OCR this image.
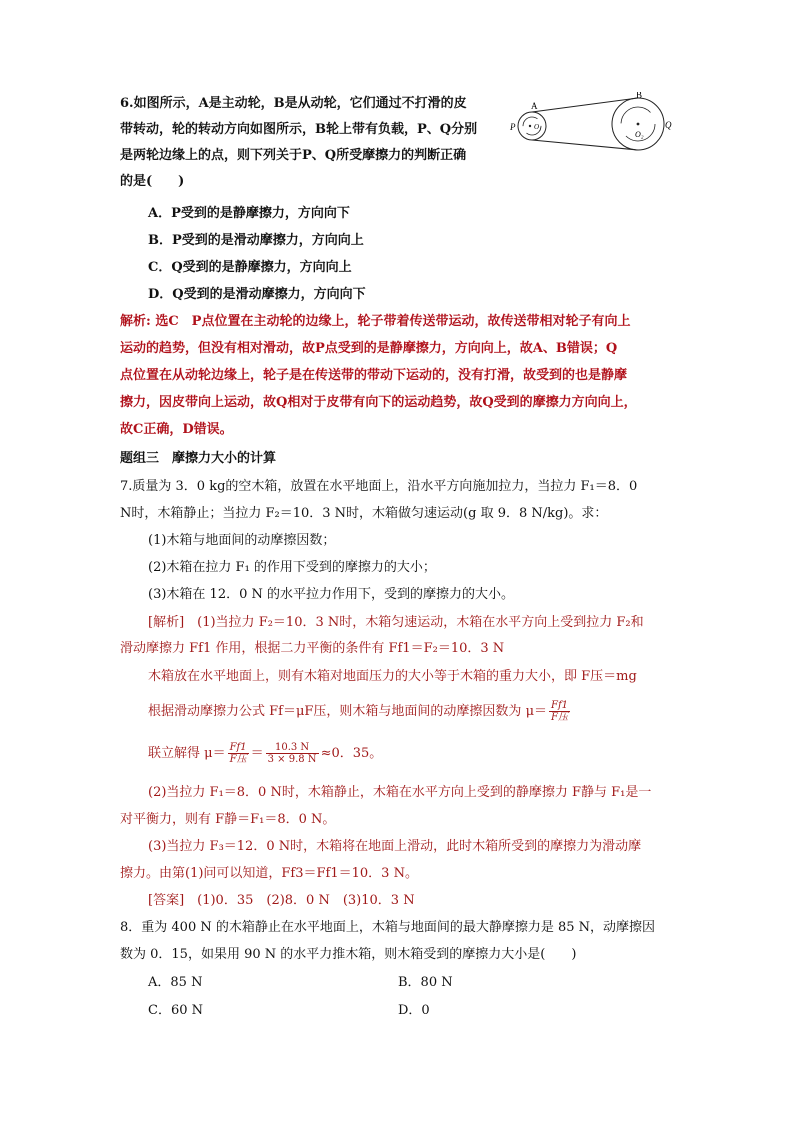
6.如图所示，A是主动轮，B是从动轮，它们通过不打滑的皮
带转动，轮的转动方向如图所示，B轮上带有负载，P、Q分别
是两轮边缘上的点，则下列关于P、Q所受摩擦力的判断正确
的是(　　)
A
B
P	Q
O₁
O₂
A．P受到的是静摩擦力，方向向下
B．P受到的是滑动摩擦力，方向向上
C．Q受到的是静摩擦力，方向向上
D．Q受到的是滑动摩擦力，方向向下
解析: 选C　P点位置在主动轮的边缘上，轮子带着传送带运动，故传送带相对轮子有向上
运动的趋势，但没有相对滑动，故P点受到的是静摩擦力，方向向上，故A、B错误；Q
点位置在从动轮边缘上，轮子是在传送带的带动下运动的，没有打滑，故受到的也是静摩
擦力，因皮带向上运动，故Q相对于皮带有向下的运动趋势，故Q受到的摩擦力方向向上，
故C正确，D错误。
题组三　摩擦力大小的计算
7.质量为 3．0 kg的空木箱，放置在水平地面上，沿水平方向施加拉力，当拉力 F₁＝8．0
N时，木箱静止；当拉力 F₂＝10．3 N时，木箱做匀速运动(g 取 9．8 N/kg)。求：
(1)木箱与地面间的动摩擦因数；
(2)木箱在拉力 F₁ 的作用下受到的摩擦力的大小；
(3)木箱在 12．0 N 的水平拉力作用下，受到的摩擦力的大小。
[解析]　(1)当拉力 F₂＝10．3 N时，木箱匀速运动，木箱在水平方向上受到拉力 F₂和
滑动摩擦力 Ff1 作用，根据二力平衡的条件有 Ff1＝F₂＝10．3 N
木箱放在水平地面上，则有木箱对地面压力的大小等于木箱的重力大小，即 F压＝mg
根据滑动摩擦力公式 Ff＝μF压，则木箱与地面间的动摩擦因数为 $\mu= \frac{Ff1}{\text{F压}}$
联立解得 $\mu= \frac{Ff1}{\text{F压}} = \frac{10.3 N}{3 \times 9.8 N} \approx 0$．35。
(2)当拉力 F₁＝8．0 N时，木箱静止，木箱在水平方向上受到的静摩擦力 F静与 F₁是一
对平衡力，则有 F静＝F₁＝8．0 N。
(3)当拉力 F₃＝12．0 N时，木箱将在地面上滑动，此时木箱所受到的摩擦力为滑动摩
擦力。由第(1)问可以知道，Ff3＝Ff1＝10．3 N。
[答案]　(1)0．35　(2)8．0 N　(3)10．3 N
8．重为 400 N 的木箱静止在水平地面上，木箱与地面间的最大静摩擦力是 85 N，动摩擦因
数为 0．15，如果用 90 N 的水平力推木箱，则木箱受到的摩擦力大小是(　　)
A．85 N	B．80 N
C．60 N	D．0
